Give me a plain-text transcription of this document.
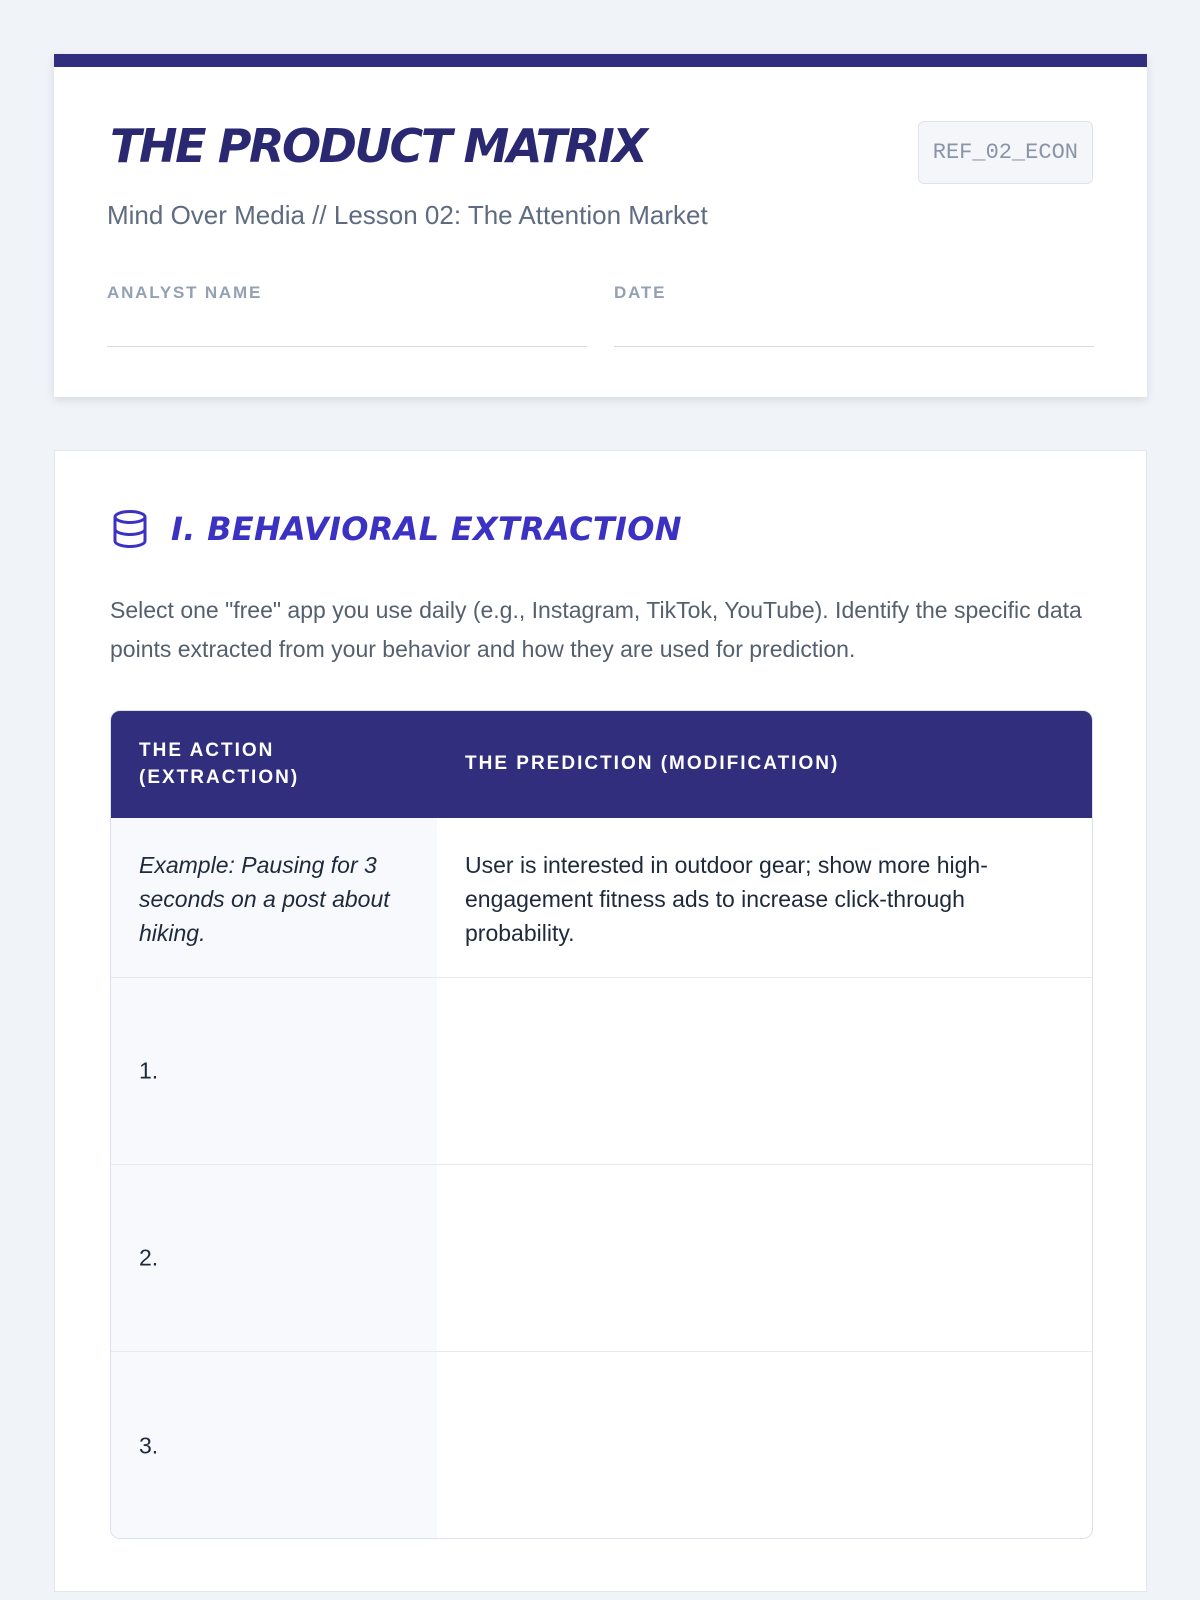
THE PRODUCT MATRIX
Mind Over Media // Lesson 02: The Attention Market
REF_02_ECON
ANALYST NAME	DATE
I. BEHAVIORAL EXTRACTION

Select one "free" app you use daily (e.g., Instagram, TikTok, YouTube). Identify the specific data points extracted from your behavior and how they are used for prediction.

THE ACTION (EXTRACTION)
THE PREDICTION (MODIFICATION)
Example: Pausing for 3 seconds on a post about hiking.
User is interested in outdoor gear; show more high-engagement fitness ads to increase click-through probability.
1.
2.
3.
